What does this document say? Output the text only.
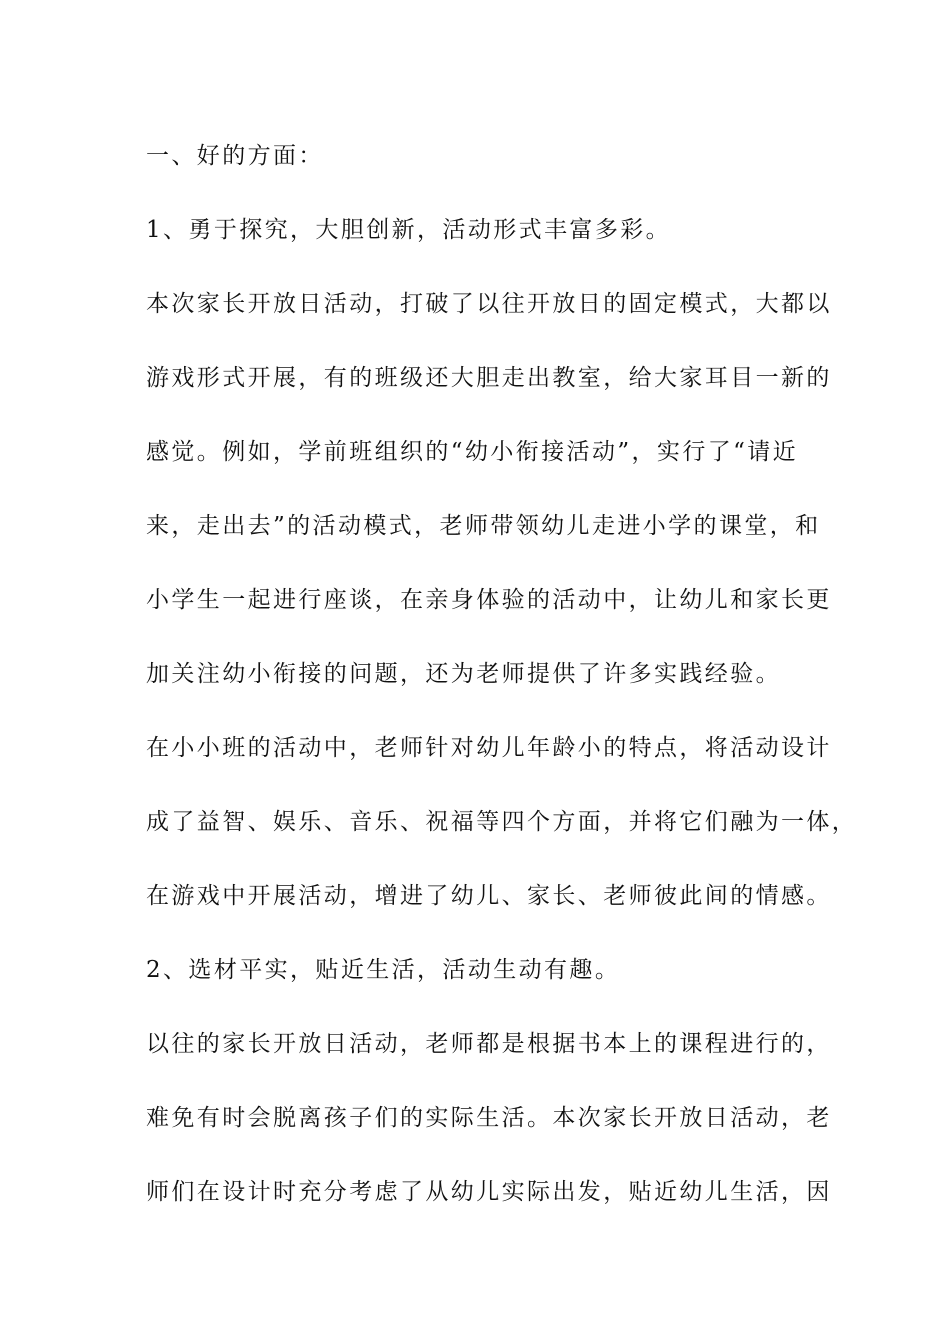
一、好的方面：
1、勇于探究，大胆创新，活动形式丰富多彩。
本次家长开放日活动，打破了以往开放日的固定模式，大都以
游戏形式开展，有的班级还大胆走出教室，给大家耳目一新的
感觉。例如，学前班组织的“幼小衔接活动”，实行了“请近
来，走出去”的活动模式，老师带领幼儿走进小学的课堂，和
小学生一起进行座谈，在亲身体验的活动中，让幼儿和家长更
加关注幼小衔接的问题，还为老师提供了许多实践经验。
在小小班的活动中，老师针对幼儿年龄小的特点，将活动设计
成了益智、娱乐、音乐、祝福等四个方面，并将它们融为一体，
在游戏中开展活动，增进了幼儿、家长、老师彼此间的情感。
2、选材平实，贴近生活，活动生动有趣。
以往的家长开放日活动，老师都是根据书本上的课程进行的，
难免有时会脱离孩子们的实际生活。本次家长开放日活动，老
师们在设计时充分考虑了从幼儿实际出发，贴近幼儿生活，因
